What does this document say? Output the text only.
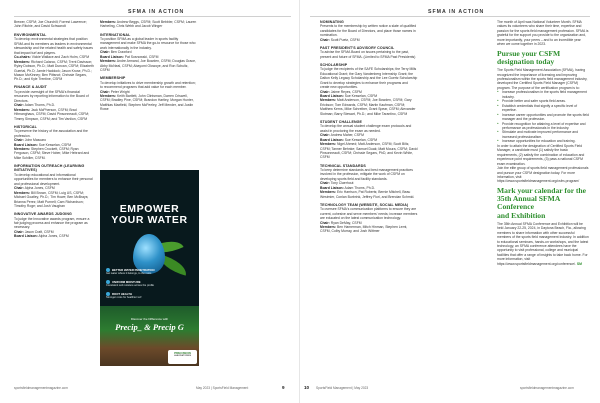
SFMA IN ACTION

Brewer, CSFM; Joe Churchill; Forrest Lawrence; John Ritchie, and David Schwandt

ENVIRONMENTAL

To develop environmental strategies that position SFMA and its members as leaders in environmental stewardship and the related health and safety issues that impact turf and players.

Co-chairs: Vickie Wallace and Zach Holm, CSFM

Members: Richard Calarco, CSFM; Trent Davisson; Ryley Dobson, Ph.D.; Matt Duncan, CSFM; Elizabeth Guertal, Ph.D; Jamie Haddock; Jason Kruse, Ph.D.; Mason McKinney; Ben Pittsnot; Chrissie Segars, Ph.D.; and Kyle Trentine, CSFM

FINANCE & AUDIT

To provide oversight of the SFMA's financial resources by reporting information to the Board of Directors.

Chair: Adam Thoms, Ph.D.

Members: Jack McPherson, CSFM; Brad Hitmanghaus, CSFM; David Pinsonneault, CSFM; Timmy Simpson, CSFM; and Tim Vanlion, CSFM

HISTORICAL

To preserve the history of the association and the profession.

Chair: John Mascaro

Board Liaison: Sue Kesselan, CSFM

Members: Stephen Crockett, CSFM; Ryan Ferguson, CSFM; Steve Hober, Mike Hebrard and Mike Schiller, CSFM.

INFORMATION OUTREACH (LEARNING INITIATIVES)

To develop educational and informational opportunities for members to enhance their personal and professional development.

Chair: Alpha Jones, CSFM

Members: Bill Brown, CSFM; Luig US, CSFM; Michael Goatley, Ph.D.; Tim Howe; Ben McBrays; Brianna Perez; Matt Purnell; Cam Richardson; Timothy Roge; and Josh Vaughan

INNOVATIVE AWARDS JUDGING

To judge the Innovative awards program, ensure a fair judging process and enhance the program as necessary.

Chair: Jason Craft, CSFM

Board Liaison: Alpha Jones, CSFM

Members: Andrew Beggs, CSFM; Scott Bebbler, CSFM; Lauren Harbeling, Chris Webb and Jacob Winger

INTERNATIONAL

To position SFMA as a global leader in sports facility management and make SFMA the go-to resource for those who work internationally in the industry.

Chair: Ben Crawford

Board Liaison: Pat Sosnowski, CSFM

Members: Andre Armand, Joe Bowden, CSFM; Douglas Grace, Abby McNeal, CSFM; Abayomi Olowoye, and Ron Schultz, CSFM

MEMBERSHIP

To develop initiatives to drive membership growth and retention; to recommend programs that add value for each member.

Chair: Peter Wright

Members: Keith Bartlett, John Clintsman, Darren Criswell, CSFM; Bradley Pine, CSFM; Brandon Hartley, Morgan Hunter, Matthias Maxfield, Stephen McFeeley, Jeff Mender, and Justin Rowe

EMPOWER
YOUR WATER
BETTER WATER PENETRATION
Get water where it belongs, to the roots
UNIFORM MOISTURE
Consistent soil moisture across the profile
ROOT HEALTH
Stronger roots for healthier turf
Discover the Difference with
Precip_ & Precip G
PRECISION
LABORATORIES
sportsfieldmanagementmagazine.com	May 2023 | SportsField Management	9
SFMA IN ACTION
NOMINATING

Presents to the membership by written notice a slate of qualified candidates for the Board of Directors, and place those names in nomination.

Chair: Scott Puetz, CSFM

PAST PRESIDENT'S ADVISORY COUNCIL

To advise the SFMA Board on issues pertaining to the past, present and future of SFMA. (Limited to SFMA Past Presidents)

SCHOLARSHIP

To judge the recipients of the SAFE Scholarships; the Terry Mills Educational Grant; the Gary Vandenberg Internship Grant; the Dalton Kelly Legacy Scholarship and the Lee Guertz Scholarship Grant to develop strategies to enhance their programs and create new opportunities.

Chair: Jaime Reyes, CSFM

Board Liaison: Sue Kesselan, CSFM

Members: Matt Anderson, CSFM; Joe Bowden, CSFM; Gary Erickson; Tom Edwards, CSFM; Martin Kaufman, CSFM; Matthew Kerns, Mike Schreiber, Grant Spear, CSFM; Alexander Slotman; Barry Stewart, Ph.D.; and Mike Tarantino, CSFM

STUDENT CHALLENGE

To develop the annual student challenge exam protocols and assist in proctoring the exam as needed.

Chair: Andrew Maher, CSFM

Board Liaison: Sue Kesselan, CSFM

Members: Nigel Ahmed; Matt Anderson, CSFM; Scott Biltz, CSFM; Tanner Behnke; Samuel Duak; Matt Moura, CSFM; David Pinsonneault, CSFM; Chrissie Segars, PhD, and Kevin White, CSFM

TECHNICAL STANDARDS

To keep determine standards and best management practices involved in the profession, mitigate the work of CSFM on developing sports field and facility standards.

Chair: Tony Claerhout

Board Liaison: Adam Thoms, Ph.D.

Members: Eric Harrison, Pat Roberts; Bernie Mitchell, Beau Westmier, Conlan Burbrink, Jeffrey Fiori, and Brendan Schmid.

TECHNOLOGY TEAM (WEBSITE, SOCIAL MEDIA)

To oversee SFMA's communication platforms to ensure they are current, cohesive and serve members' needs; increase members are educated on the latest communication technology.

Chair: Ryan DeMay, CSFM

Members: Ben Hamerman, Mitch Hinman, Stephen Lemt, CSFM, Colby Murray, and Josh Wittmer

The month of April was National Volunteer Month. SFMA values its volunteers who share their time, expertise and passion for the sports field management profession. SFMA is grateful for the support you provide to the organization and, more importantly, your peers – and to an incredible year when we come together in 2023.

Pursue your CSFM
designation today

The Sports Field Management Association (SFMA), having recognized the importance of licensing and improving professionalism within the sports field management industry, developed the Certified Sports Field Manager (CSFM) program. The purpose of the certification program is to:

● Increase professionalism in the sports field management industry.
● Provide better and safer sports field areas.
● Establish credentials that signify a specific level of expertise.
● Increase career opportunities and promote the sports field manager and the profession.
● Provide recognition for attaining a level of expertise and performance as professionals in the industry.
● Stimulate and motivate improved performance and increased professionalism.
● Increase opportunities for education and training.

In order to attain the designation of Certified Sports Field Manager, a candidate must (1) satisfy the basic requirements, (2) satisfy the combination of education and experience point requirements, (3) pass a national CSFM exam examination.

Join the elite group of sports field management professionals and pursue your CSFM designation today. For more information, visit https://www.sportsfieldmanagement.org/csfm-program/

Mark your calendar for the
35th Annual SFMA Conference
and Exhibition

The 35th Annual SFMA Conference and Exhibition will be held January 22-25, 2024, in Daytona Beach, Fla., allowing members to share information with other successful members of the sports field management industry. In addition to educational seminars, hands-on workshops, and the latest technology, an SFMA conference attendees have the opportunity to visit professional, college and municipal facilities that offer a range of insights to take back home. For more information, visit https://www.sportsfieldmanagement.org/conference/. SM

10 SportsField Management | May 2023	sportsfieldmanagementmagazine.com
